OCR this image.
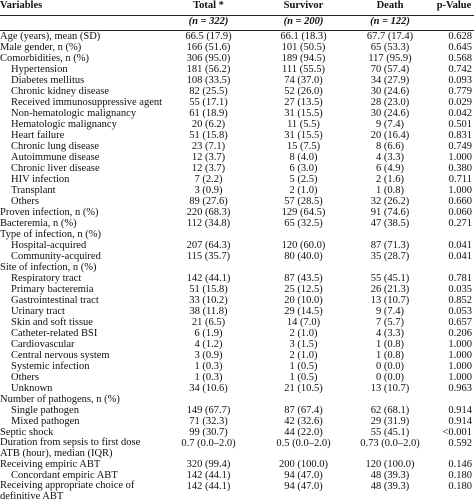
Variables	Total *	Survivor	Death	p-Value
	(n = 322)	(n = 200)	(n = 122)	
Age (years), mean (SD)	66.5 (17.9)	66.1 (18.3)	67.7 (17.4)	0.628
Male gender, n (%)	166 (51.6)	101 (50.5)	65 (53.3)	0.645
Comorbidities, n (%)	306 (95.0)	189 (94.5)	117 (95.9)	0.568
Hypertension	181 (56.2)	111 (55.5)	70 (57.4)	0.742
Diabetes mellitus	108 (33.5)	74 (37.0)	34 (27.9)	0.093
Chronic kidney disease	82 (25.5)	52 (26.0)	30 (24.6)	0.779
Received immunosuppressive agent	55 (17.1)	27 (13.5)	28 (23.0)	0.029
Non-hematologic malignancy	61 (18.9)	31 (15.5)	30 (24.6)	0.042
Hematologic malignancy	20 (6.2)	11 (5.5)	9 (7.4)	0.501
Heart failure	51 (15.8)	31 (15.5)	20 (16.4)	0.831
Chronic lung disease	23 (7.1)	15 (7.5)	8 (6.6)	0.749
Autoimmune disease	12 (3.7)	8 (4.0)	4 (3.3)	1.000
Chronic liver disease	12 (3.7)	6 (3.0)	6 (4.9)	0.380
HIV infection	7 (2.2)	5 (2.5)	2 (1.6)	0.711
Transplant	3 (0.9)	2 (1.0)	1 (0.8)	1.000
Others	89 (27.6)	57 (28.5)	32 (26.2)	0.660
Proven infection, n (%)	220 (68.3)	129 (64.5)	91 (74.6)	0.060
Bacteremia, n (%)	112 (34.8)	65 (32.5)	47 (38.5)	0.271
Type of infection, n (%)				
Hospital-acquired	207 (64.3)	120 (60.0)	87 (71.3)	0.041
Community-acquired	115 (35.7)	80 (40.0)	35 (28.7)	0.041
Site of infection, n (%)				
Respiratory tract	142 (44.1)	87 (43.5)	55 (45.1)	0.781
Primary bacteremia	51 (15.8)	25 (12.5)	26 (21.3)	0.035
Gastrointestinal tract	33 (10.2)	20 (10.0)	13 (10.7)	0.852
Urinary tract	38 (11.8)	29 (14.5)	9 (7.4)	0.053
Skin and soft tissue	21 (6.5)	14 (7.0)	7 (5.7)	0.657
Catheter-related BSI	6 (1.9)	2 (1.0)	4 (3.3)	0.206
Cardiovascular	4 (1.2)	3 (1.5)	1 (0.8)	1.000
Central nervous system	3 (0.9)	2 (1.0)	1 (0.8)	1.000
Systemic infection	1 (0.3)	1 (0.5)	0 (0.0)	1.000
Others	1 (0.3)	1 (0.5)	0 (0.0)	1.000
Unknown	34 (10.6)	21 (10.5)	13 (10.7)	0.963
Number of pathogens, n (%)				
Single pathogen	149 (67.7)	87 (67.4)	62 (68.1)	0.914
Mixed pathogen	71 (32.3)	42 (32.6)	29 (31.9)	0.914
Septic shock	99 (30.7)	44 (22.0)	55 (45.1)	<0.001
Duration from sepsis to first dose ATB (hour), median (IQR)	0.7 (0.0–2.0)	0.5 (0.0–2.0)	0.73 (0.0–2.0)	0.592
Receiving empiric ABT	320 (99.4)	200 (100.0)	120 (100.0)	0.146
Concordant empiric ABT	142 (44.1)	94 (47.0)	48 (39.3)	0.180
Receiving appropriate choice of definitive ABT	142 (44.1)	94 (47.0)	48 (39.3)	0.180
